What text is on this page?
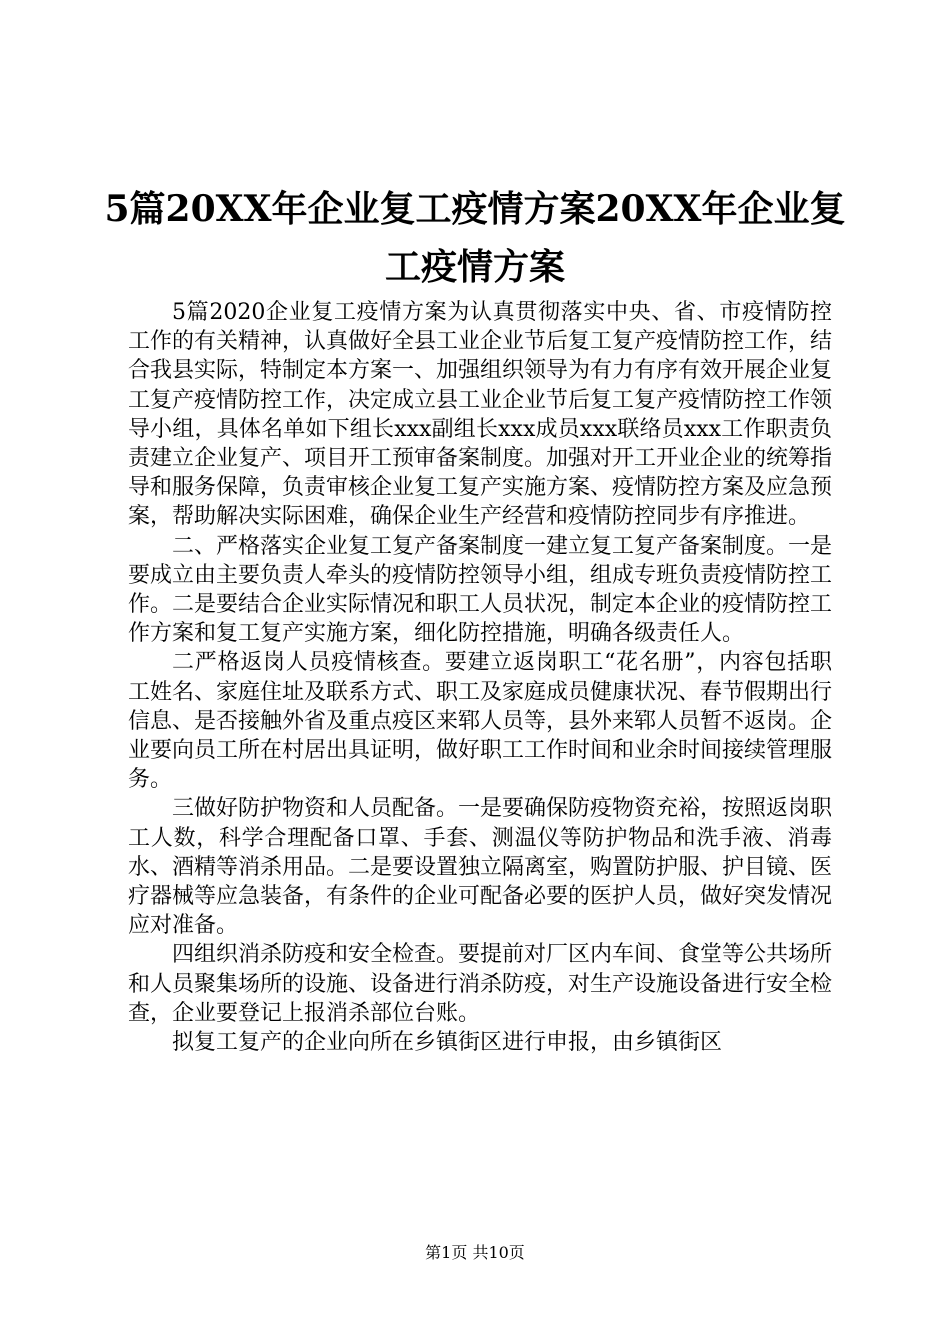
5篇20XX年企业复工疫情方案20XX年企业复工疫情方案

5篇2020企业复工疫情方案为认真贯彻落实中央、省、市疫情防控工作的有关精神，认真做好全县工业企业节后复工复产疫情防控工作，结合我县实际，特制定本方案一、加强组织领导为有力有序有效开展企业复工复产疫情防控工作，决定成立县工业企业节后复工复产疫情防控工作领导小组，具体名单如下组长xxx副组长xxx成员xxx联络员xxx工作职责负责建立企业复产、项目开工预审备案制度。加强对开工开业企业的统筹指导和服务保障，负责审核企业复工复产实施方案、疫情防控方案及应急预案，帮助解决实际困难，确保企业生产经营和疫情防控同步有序推进。

二、严格落实企业复工复产备案制度一建立复工复产备案制度。一是要成立由主要负责人牵头的疫情防控领导小组，组成专班负责疫情防控工作。二是要结合企业实际情况和职工人员状况，制定本企业的疫情防控工作方案和复工复产实施方案，细化防控措施，明确各级责任人。

二严格返岗人员疫情核查。要建立返岗职工“花名册”，内容包括职工姓名、家庭住址及联系方式、职工及家庭成员健康状况、春节假期出行信息、是否接触外省及重点疫区来郓人员等，县外来郓人员暂不返岗。企业要向员工所在村居出具证明，做好职工工作时间和业余时间接续管理服务。

三做好防护物资和人员配备。一是要确保防疫物资充裕，按照返岗职工人数，科学合理配备口罩、手套、测温仪等防护物品和洗手液、消毒水、酒精等消杀用品。二是要设置独立隔离室，购置防护服、护目镜、医疗器械等应急装备，有条件的企业可配备必要的医护人员，做好突发情况应对准备。

四组织消杀防疫和安全检查。要提前对厂区内车间、食堂等公共场所和人员聚集场所的设施、设备进行消杀防疫，对生产设施设备进行安全检查，企业要登记上报消杀部位台账。

拟复工复产的企业向所在乡镇街区进行申报，由乡镇街区

第1页 共10页
